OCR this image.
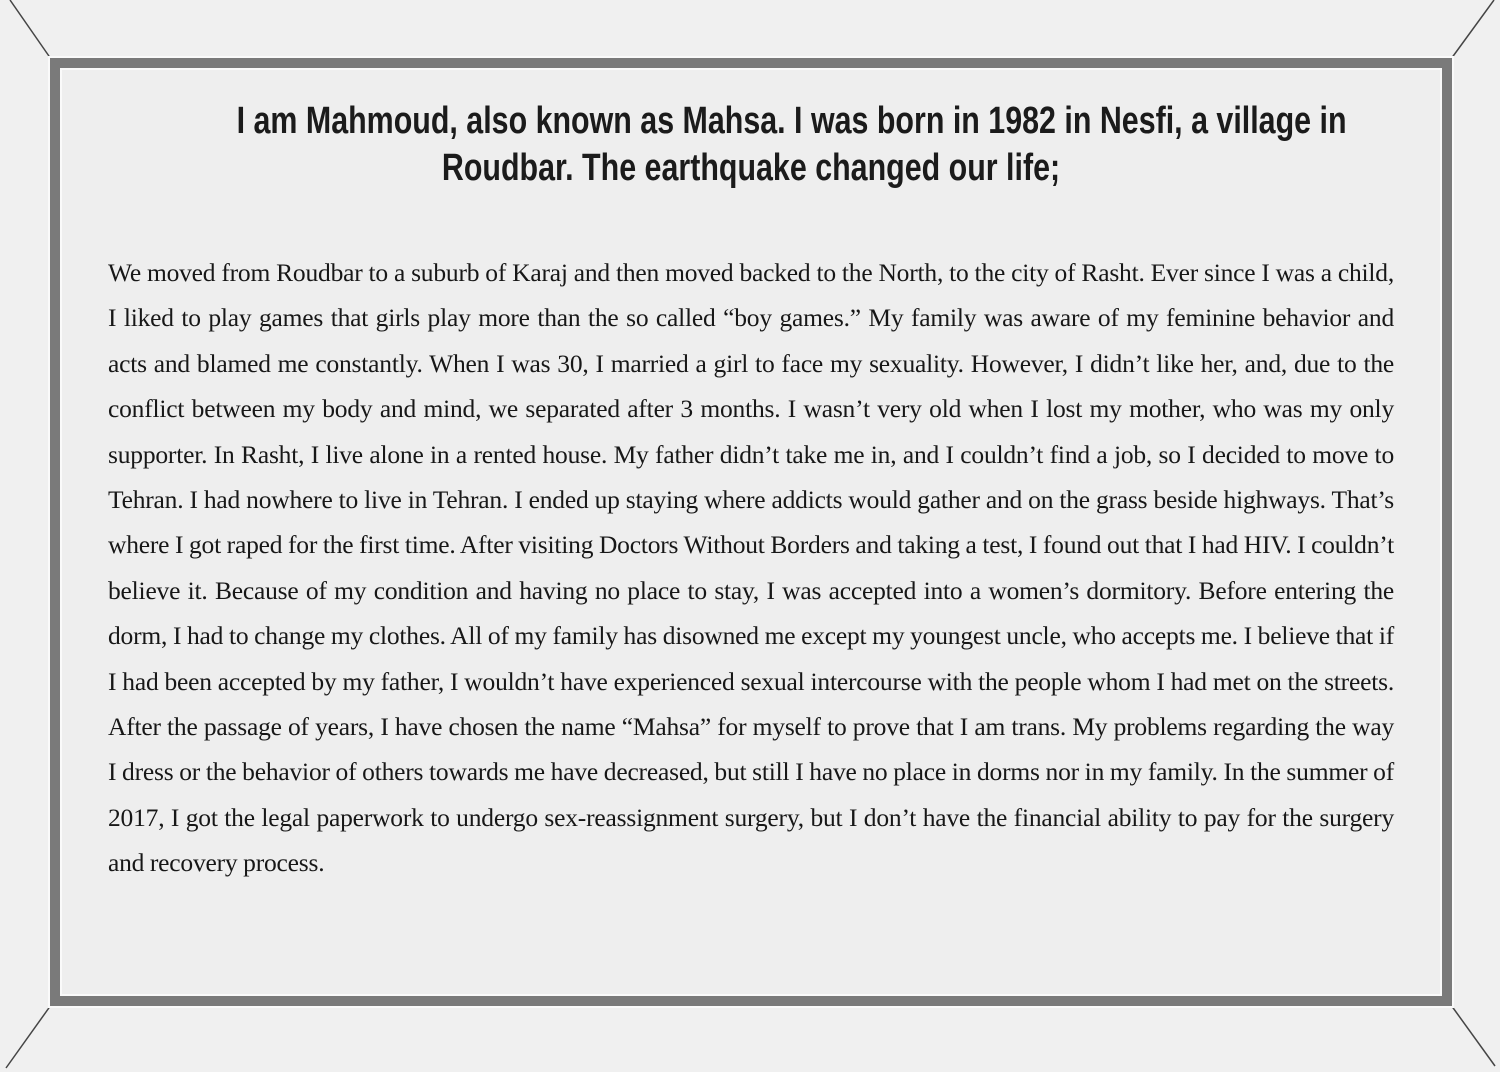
I am Mahmoud, also known as Mahsa. I was born in 1982 in Nesfi, a village in
Roudbar. The earthquake changed our life;
We moved from Roudbar to a suburb of Karaj and then moved backed to the North, to the city of Rasht. Ever since I was a child, I liked to play games that girls play more than the so called “boy games.” My family was aware of my feminine behavior and acts and blamed me constantly. When I was 30, I married a girl to face my sexuality. However, I didn’t like her, and, due to the conflict between my body and mind, we separated after 3 months. I wasn’t very old when I lost my mother, who was my only supporter. In Rasht, I live alone in a rented house. My father didn’t take me in, and I couldn’t find a job, so I decided to move to Tehran. I had nowhere to live in Tehran. I ended up staying where addicts would gather and on the grass beside highways. That’s where I got raped for the first time. After visiting Doctors Without Borders and taking a test, I found out that I had HIV. I couldn’t believe it. Because of my condition and having no place to stay, I was accepted into a women’s dormitory. Before entering the dorm, I had to change my clothes. All of my family has disowned me except my youngest uncle, who accepts me. I believe that if I had been accepted by my father, I wouldn’t have experienced sexual intercourse with the people whom I had met on the streets. After the passage of years, I have chosen the name “Mahsa” for myself to prove that I am trans. My problems regarding the way I dress or the behavior of others towards me have decreased, but still I have no place in dorms nor in my family. In the summer of 2017, I got the legal paperwork to undergo sex-reassignment surgery, but I don’t have the financial ability to pay for the surgery and recovery process.
